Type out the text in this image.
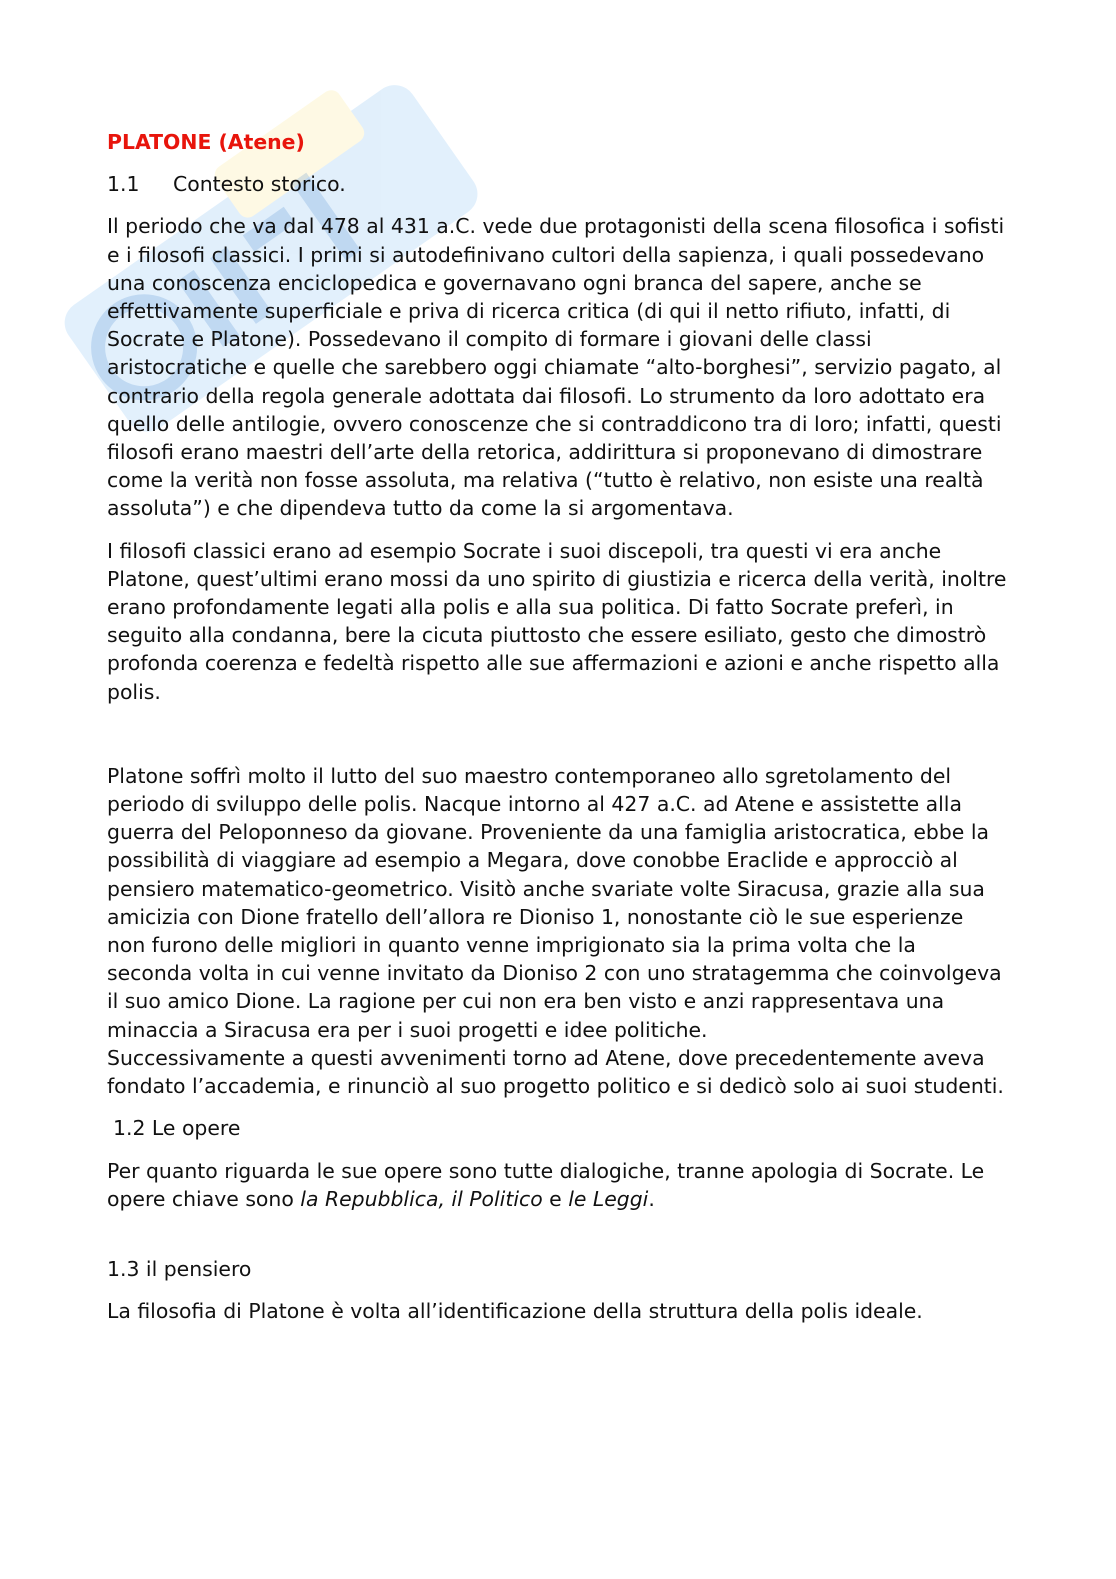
PLATONE (Atene)
1.1 Contesto storico.

Il periodo che va dal 478 al 431 a.C. vede due protagonisti della scena filosofica i sofisti e i filosofi classici. I primi si autodefinivano cultori della sapienza, i quali possedevano una conoscenza enciclopedica e governavano ogni branca del sapere, anche se effettivamente superficiale e priva di ricerca critica (di qui il netto rifiuto, infatti, di Socrate e Platone). Possedevano il compito di formare i giovani delle classi aristocratiche e quelle che sarebbero oggi chiamate “alto-borghesi”, servizio pagato, al contrario della regola generale adottata dai filosofi. Lo strumento da loro adottato era quello delle antilogie, ovvero conoscenze che si contraddicono tra di loro; infatti, questi filosofi erano maestri dell’arte della retorica, addirittura si proponevano di dimostrare come la verità non fosse assoluta, ma relativa (“tutto è relativo, non esiste una realtà assoluta”) e che dipendeva tutto da come la si argomentava.

I filosofi classici erano ad esempio Socrate i suoi discepoli, tra questi vi era anche Platone, quest’ultimi erano mossi da uno spirito di giustizia e ricerca della verità, inoltre erano profondamente legati alla polis e alla sua politica. Di fatto Socrate preferì, in seguito alla condanna, bere la cicuta piuttosto che essere esiliato, gesto che dimostrò profonda coerenza e fedeltà rispetto alle sue affermazioni e azioni e anche rispetto alla polis.

Platone soffrì molto il lutto del suo maestro contemporaneo allo sgretolamento del periodo di sviluppo delle polis. Nacque intorno al 427 a.C. ad Atene e assistette alla guerra del Peloponneso da giovane. Proveniente da una famiglia aristocratica, ebbe la possibilità di viaggiare ad esempio a Megara, dove conobbe Eraclide e approcciò al pensiero matematico-geometrico. Visitò anche svariate volte Siracusa, grazie alla sua amicizia con Dione fratello dell’allora re Dioniso 1, nonostante ciò le sue esperienze non furono delle migliori in quanto venne imprigionato sia la prima volta che la seconda volta in cui venne invitato da Dioniso 2 con uno stratagemma che coinvolgeva il suo amico Dione. La ragione per cui non era ben visto e anzi rappresentava una minaccia a Siracusa era per i suoi progetti e idee politiche.

Successivamente a questi avvenimenti torno ad Atene, dove precedentemente aveva fondato l’accademia, e rinunciò al suo progetto politico e si dedicò solo ai suoi studenti.

1.2 Le opere

Per quanto riguarda le sue opere sono tutte dialogiche, tranne apologia di Socrate. Le opere chiave sono la Repubblica, il Politico e le Leggi.

1.3 il pensiero

La filosofia di Platone è volta all’identificazione della struttura della polis ideale.
